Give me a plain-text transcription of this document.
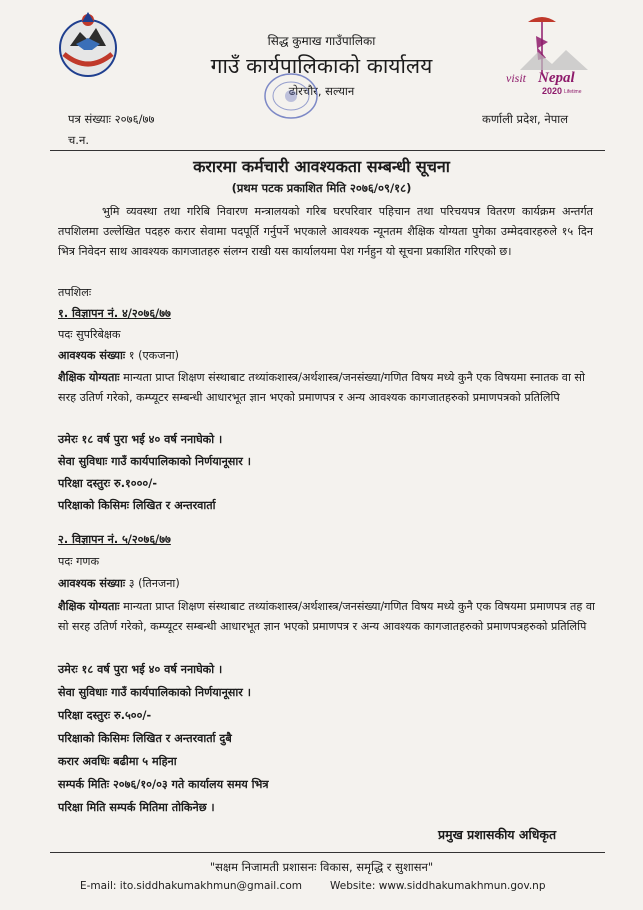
सिद्ध कुमाख गाउँपालिका
गाउँ कार्यपालिकाको कार्यालय
ढोरचौर, सल्यान
visit Nepal
2020 Lifetime
पत्र संख्याः २०७६/७७
च.न.
कर्णाली प्रदेश, नेपाल
करारमा कर्मचारी आवश्यकता सम्बन्धी सूचना
(प्रथम पटक प्रकाशित मिति २०७६/०९/१८)
भुमि व्यवस्था तथा गरिबि निवारण मन्त्रालयको गरिब घरपरिवार पहिचान तथा परिचयपत्र वितरण कार्यक्रम अन्तर्गत तपशिलमा उल्लेखित पदहरु करार सेवामा पदपूर्ति गर्नुपर्ने भएकाले आवश्यक न्यूनतम शैक्षिक योग्यता पुगेका उम्मेदवारहरुले १५ दिन भित्र निवेदन साथ आवश्यक कागजातहरु संलग्न राखी यस कार्यालयमा पेश गर्नहुन यो सूचना प्रकाशित गरिएको छ।
तपशिलः
१. विज्ञापन नं. ४/२०७६/७७
पदः सुपरिबेक्षक
आवश्यक संख्याः १ (एकजना)
शैक्षिक योग्यताः मान्यता प्राप्त शिक्षण संस्थाबाट तथ्यांकशास्त्र/अर्थशास्त्र/जनसंख्या/गणित विषय मध्ये कुनै एक विषयमा स्नातक वा सो सरह उतिर्ण गरेको, कम्प्यूटर सम्बन्धी आधारभूत ज्ञान भएको प्रमाणपत्र र अन्य आवश्यक कागजातहरुको प्रमाणपत्रको प्रतिलिपि
उमेरः १८ वर्ष पुरा भई ४० वर्ष ननाघेको ।
सेवा सुविधाः गाउँ कार्यपालिकाको निर्णयानूसार ।
परिक्षा दस्तुरः रु.१०००/-
परिक्षाको किसिमः लिखित र अन्तरवार्ता
२. विज्ञापन नं. ५/२०७६/७७
पदः गणक
आवश्यक संख्याः ३ (तिनजना)
शैक्षिक योग्यताः मान्यता प्राप्त शिक्षण संस्थाबाट तथ्यांकशास्त्र/अर्थशास्त्र/जनसंख्या/गणित विषय मध्ये कुनै एक विषयमा प्रमाणपत्र तह वा सो सरह उतिर्ण गरेको, कम्प्यूटर सम्बन्धी आधारभूत ज्ञान भएको प्रमाणपत्र र अन्य आवश्यक कागजातहरुको प्रमाणपत्रहरुको प्रतिलिपि
उमेरः १८ वर्ष पुरा भई ४० वर्ष ननाघेको ।
सेवा सुविधाः गाउँ कार्यपालिकाको निर्णयानूसार ।
परिक्षा दस्तुरः रु.५००/-
परिक्षाको किसिमः लिखित र अन्तरवार्ता दुबै
करार अवधिः बढीमा ५ महिना
सम्पर्क मितिः २०७६/१०/०३ गते कार्यालय समय भित्र
परिक्षा मिति सम्पर्क मितिमा तोकिनेछ ।
प्रमुख प्रशासकीय अधिकृत
"सक्षम निजामती प्रशासनः विकास, समृद्धि र सुशासन"
E-mail: ito.siddhakumakhmun@gmail.com	Website: www.siddhakumakhmun.gov.np
